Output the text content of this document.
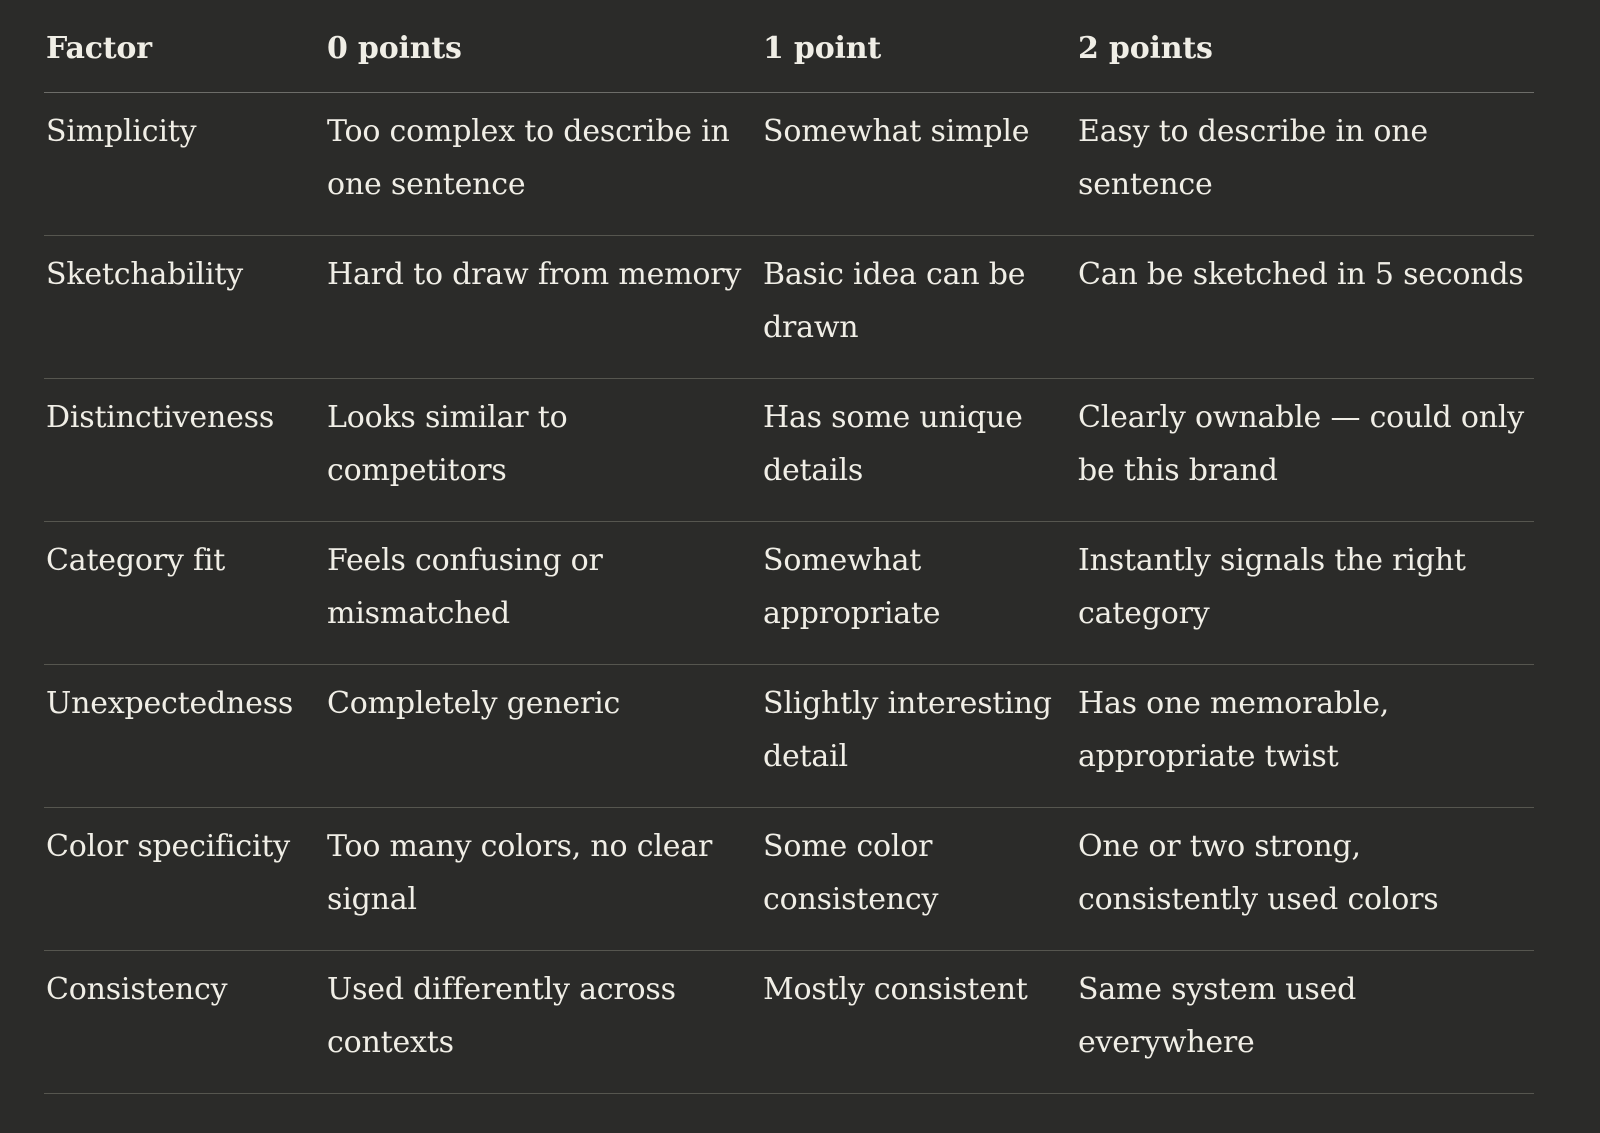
Factor	0 points	1 point	2 points
Simplicity	Too complex to describe in one sentence	Somewhat simple	Easy to describe in one sentence
Sketchability	Hard to draw from memory	Basic idea can be drawn	Can be sketched in 5 seconds
Distinctiveness	Looks similar to competitors	Has some unique details	Clearly ownable — could only be this brand
Category fit	Feels confusing or mismatched	Somewhat appropriate	Instantly signals the right category
Unexpectedness	Completely generic	Slightly interesting detail	Has one memorable, appropriate twist
Color specificity	Too many colors, no clear signal	Some color consistency	One or two strong, consistently used colors
Consistency	Used differently across contexts	Mostly consistent	Same system used everywhere
